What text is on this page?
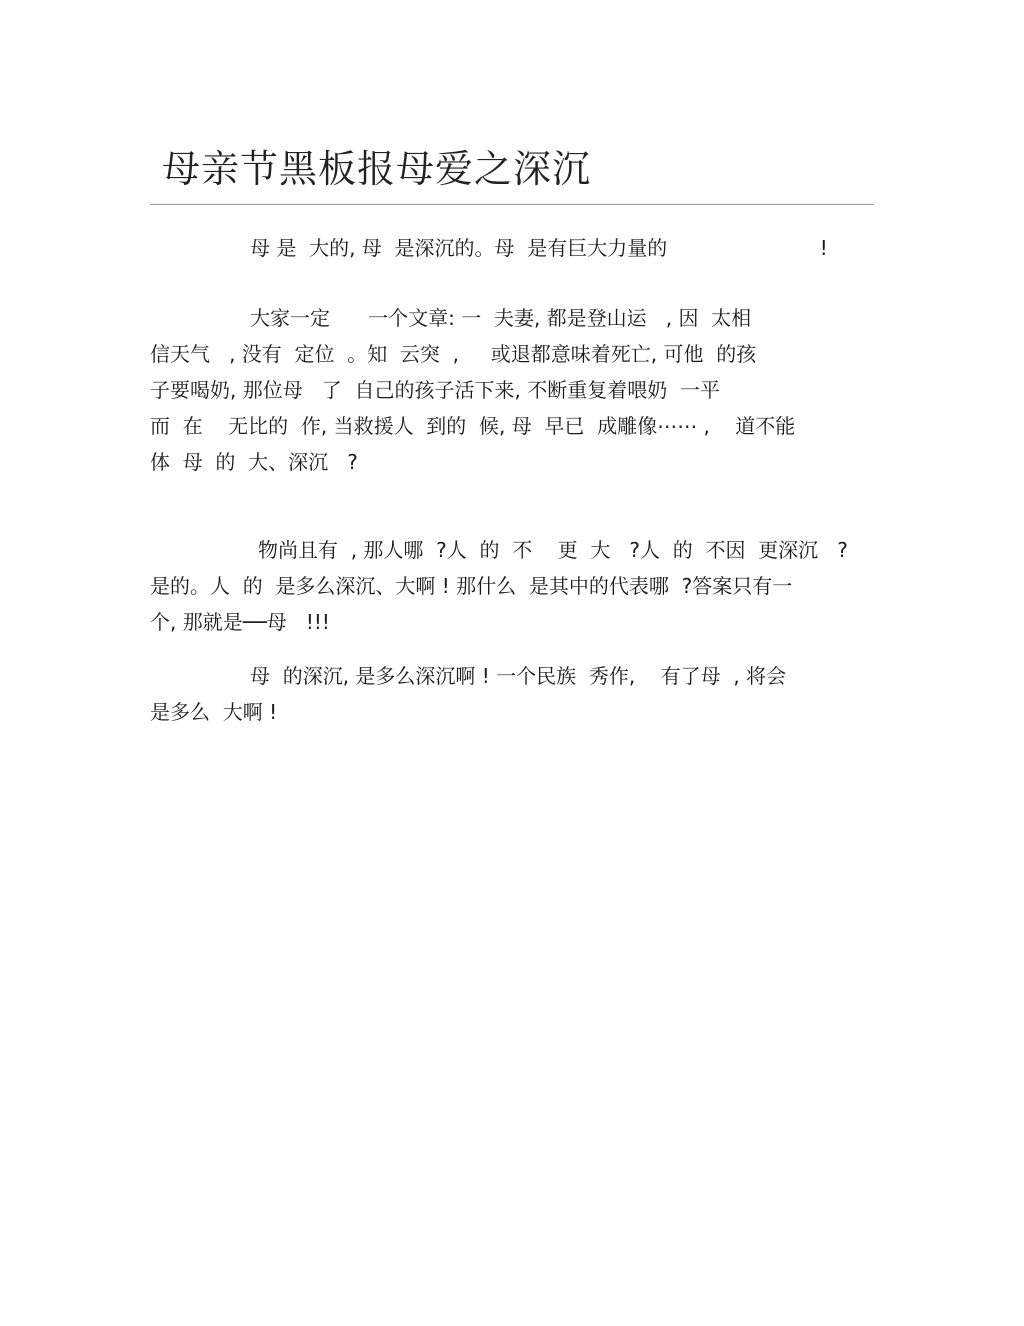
母亲节黑板报母爱之深沉
母 是  大的, 母  是深沉的。母  是有巨大力量的                        !
大家一定      一个文章: 一  夫妻, 都是登山运   , 因  太相
信天气   , 没有  定位  。知  云突  ,     或退都意味着死亡, 可他  的孩
子要喝奶, 那位母   了  自己的孩子活下来, 不断重复着喂奶  一平
而  在    无比的  作, 当救援人  到的  候, 母  早已  成雕像⋯⋯ ,    道不能
体  母  的  大、深沉   ?
物尚且有  , 那人哪  ?人  的  不    更  大   ?人  的  不因  更深沉   ?
是的。人  的  是多么深沉、大啊 ! 那什么  是其中的代表哪  ?答案只有一
个, 那就是──母   !!!
母  的深沉, 是多么深沉啊 ! 一个民族  秀作,    有了母  , 将会
是多么  大啊 !
